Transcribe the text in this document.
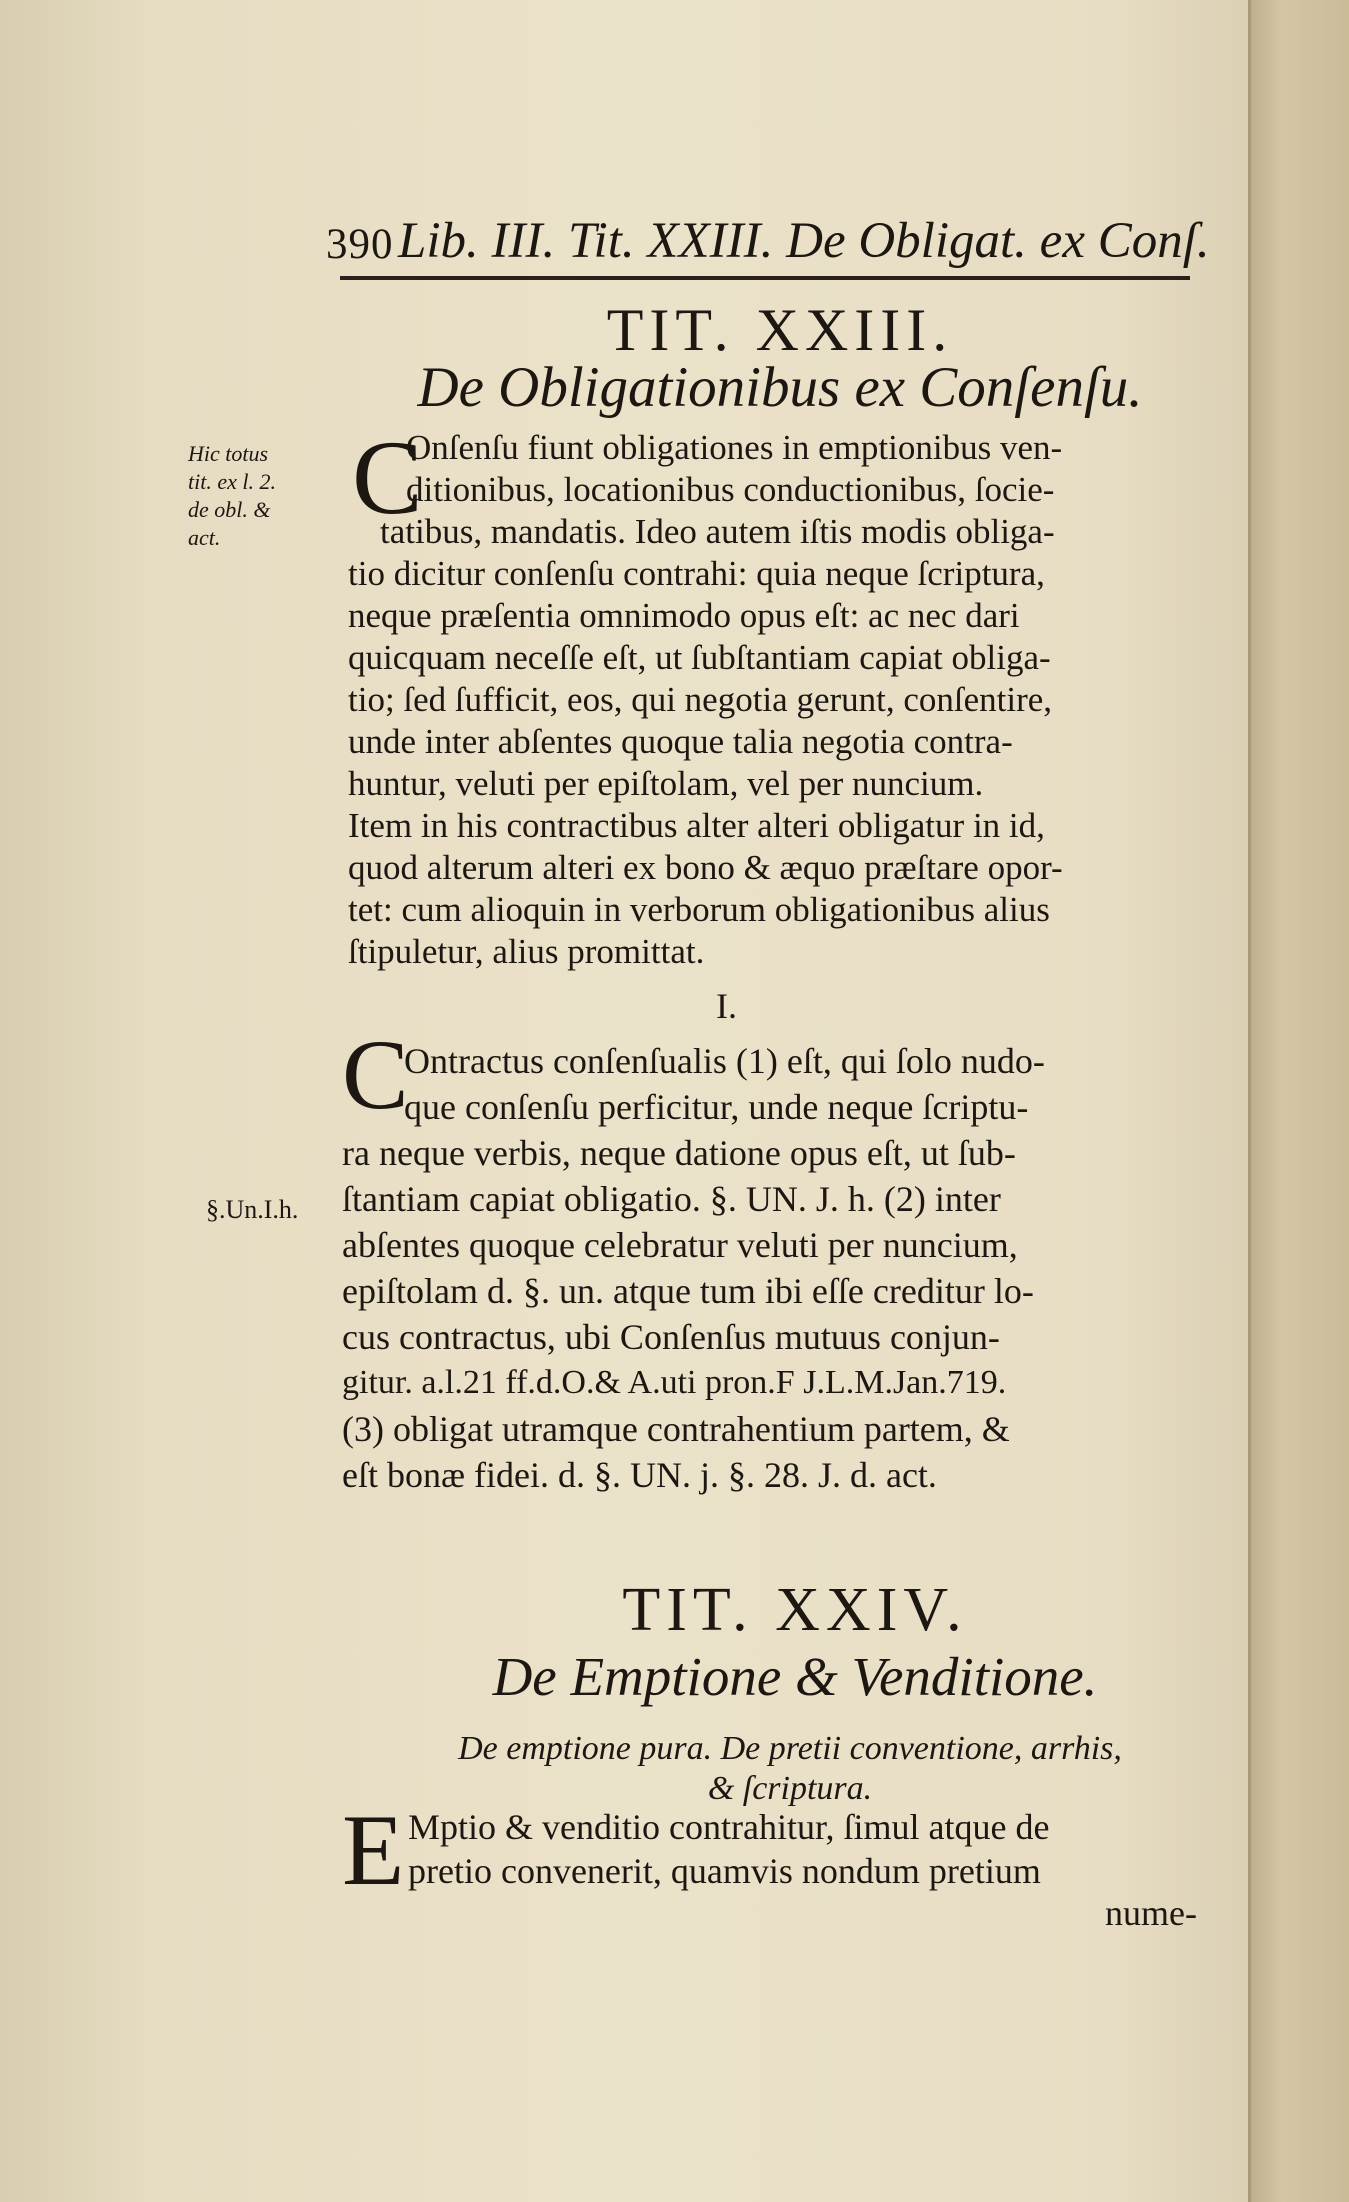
390 Lib. III. Tit. XXIII. De Obligat. ex Conſ.
TIT. XXIII.
De Obligationibus ex Conſenſu.
Hic totus
tit. ex l. 2.
de obl. &
act.
C
Onſenſu fiunt obligationes in emptionibus ven-
ditionibus, locationibus conductionibus, ſocie-
tatibus, mandatis. Ideo autem iſtis modis obliga-
tio dicitur conſenſu contrahi: quia neque ſcriptura,
neque præſentia omnimodo opus eſt: ac nec dari
quicquam neceſſe eſt, ut ſubſtantiam capiat obliga-
tio; ſed ſufficit, eos, qui negotia gerunt, conſentire,
unde inter abſentes quoque talia negotia contra-
huntur, veluti per epiſtolam, vel per nuncium.
Item in his contractibus alter alteri obligatur in id,
quod alterum alteri ex bono & æquo præſtare opor-
tet: cum alioquin in verborum obligationibus alius
ſtipuletur, alius promittat.
I.
C
§.Un.I.h.
Ontractus conſenſualis (1) eſt, qui ſolo nudo-
que conſenſu perficitur, unde neque ſcriptu-
ra neque verbis, neque datione opus eſt, ut ſub-
ſtantiam capiat obligatio. §. UN. J. h. (2) inter
abſentes quoque celebratur veluti per nuncium,
epiſtolam d. §. un. atque tum ibi eſſe creditur lo-
cus contractus, ubi Conſenſus mutuus conjun-
gitur. a.l.21 ff.d.O.& A.uti pron.F J.L.M.Jan.719.
(3) obligat utramque contrahentium partem, &
eſt bonæ fidei. d. §. UN. j. §. 28. J. d. act.
TIT. XXIV.
De Emptione & Venditione.
De emptione pura. De pretii conventione, arrhis,
& ſcriptura.
E Mptio & venditio contrahitur, ſimul atque de
pretio convenerit, quamvis nondum pretium
nume-
